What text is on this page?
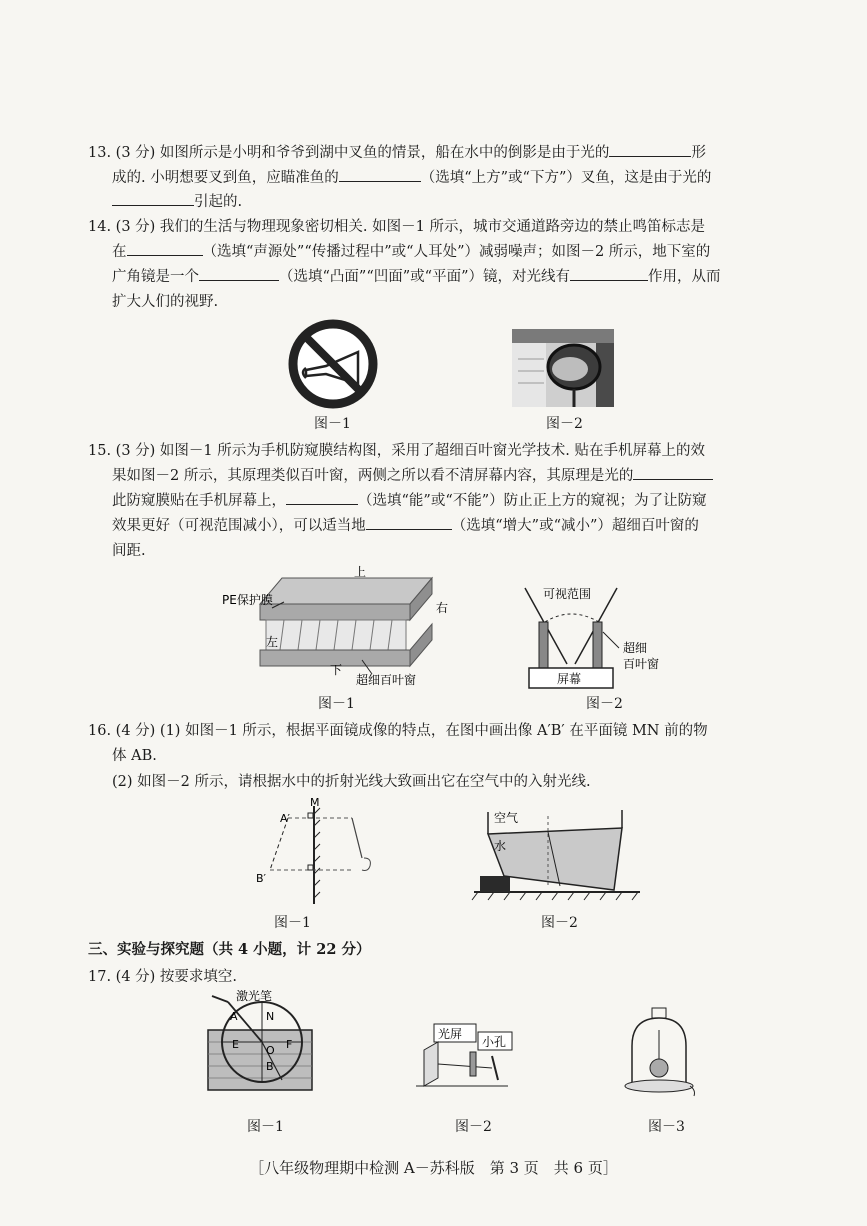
13. (3 分) 如图所示是小明和爷爷到湖中叉鱼的情景，船在水中的倒影是由于光的	形
成的. 小明想要叉到鱼，应瞄准鱼的	（选填“上方”或“下方”）叉鱼，这是由于光的
引起的.
14. (3 分) 我们的生活与物理现象密切相关. 如图－1 所示，城市交通道路旁边的禁止鸣笛标志是
在	（选填“声源处”“传播过程中”或“人耳处”）减弱噪声；如图－2 所示，地下室的
广角镜是一个	（选填“凸面”“凹面”或“平面”）镜，对光线有	作用，从而
扩大人们的视野.
图－1	图－2
15. (3 分) 如图－1 所示为手机防窥膜结构图，采用了超细百叶窗光学技术. 贴在手机屏幕上的效
果如图－2 所示，其原理类似百叶窗，两侧之所以看不清屏幕内容，其原理是光的
此防窥膜贴在手机屏幕上，	（选填“能”或“不能”）防止正上方的窥视；为了让防窥
效果更好（可视范围减小），可以适当地	（选填“增大”或“减小”）超细百叶窗的
间距.
PE保护膜
上
右
左
下
超细百叶窗
图－1
可视范围
超细
百叶窗
屏幕
图－2
16. (4 分) (1) 如图－1 所示，根据平面镜成像的特点，在图中画出像 A′B′ 在平面镜 MN 前的物
体 AB.
(2) 如图－2 所示，请根据水中的折射光线大致画出它在空气中的入射光线.
M
A′
B′
图－1
空气
水
图－2
三、实验与探究题（共 4 小题，计 22 分）
17. (4 分) 按要求填空.
激光笔
A	N
E O F
B
图－1
光屏
小孔
图－2	图－3
［八年级物理期中检测 A－苏科版　第 3 页　共 6 页］
